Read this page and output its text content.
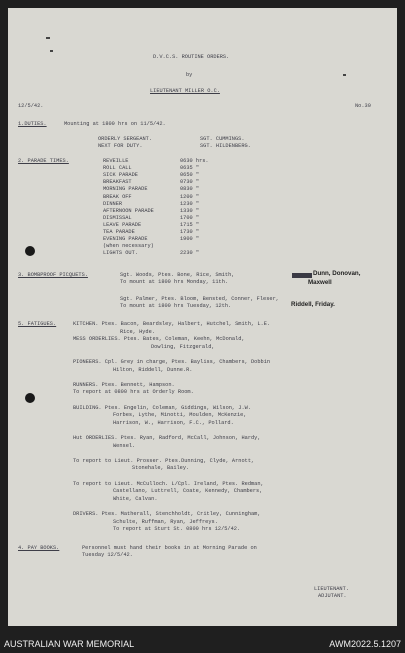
D.V.C.S. ROUTINE ORDERS.
by
LIEUTENANT MILLER O.C.
12/5/42.	No.30
1.DUTIES.	Mounting at 1800 hrs on 11/5/42.
2. PARADE TIMES.
3. BOMBPROOF PICQUETS.	Sgt. Woods, Ptes. Bone, Rice, Smith,	Dunn, Donovan,
To mount at 1800 hrs Monday, 11th.	Maxwell
Sgt. Palmer, Ptes. Bloom, Bensted, Conner, Fleser,
To mount at 1800 hrs Tuesday, 12th.	Riddell, Friday.
5. FATIGUES.
4. PAY BOOKS.	Personnel must hand their books in at Morning Parade on
Tuesday 12/5/42.
LIEUTENANT.
ADJUTANT.
ORDERLY SERGEANT.	SGT. CUMMINGS.
NEXT FOR DUTY.	SGT. HILDENBERG.
REVEILLE	0630 hrs.
ROLL CALL	0635 "
SICK PARADE	0650 "
BREAKFAST	0730 "
MORNING PARADE	0830 "
BREAK OFF	1200 "
DINNER	1230 "
AFTERNOON PARADE	1330 "
DISMISSAL	1700 "
LEAVE PARADE	1715 "
TEA PARADE	1730 "
EVENING PARADE	1900 "
(when necessary)
LIGHTS OUT.	2230 "
KITCHEN. Ptes. Bacon, Beardsley, Halbert, Hutchel, Smith, L.E.
Rice, Hyde.
MESS ORDERLIES. Ptes. Bates, Coleman, Keehn, McDonald,
Dowling, Fitzgerald,
PIONEERS. Cpl. Grey in charge, Ptes. Bayliss, Chambers, Dobbin
Hilton, Riddell, Dunne.R.
RUNNERS. Ptes. Bennett, Hampson.
To report at 0800 hrs at Orderly Room.
BUILDING. Ptes. Engelin, Coleman, Giddings, Wilson, J.W.
Forbes, Lythe, Minotti, Moulden, McKenzie,
Harrison, W., Harrison, F.C., Pollard.
Hut ORDERLIES. Ptes. Ryan, Radford, McCall, Johnson, Hardy,
Wensel.
To report to Lieut. Prosser. Ptes.Dunning, Clyde, Arnott,
Stonehale, Bailey.
To report to Lieut. McCulloch. L/Cpl. Ireland, Ptes. Redman,
Castellano, Luttrell, Coate, Kennedy, Chambers,
White, Calvan.
DRIVERS. Ptes. Matherall, Stenchholdt, Critley, Cunningham,
Schulte, Ruffman, Ryan, Jeffreys.
To report at Sturt St. 0800 hrs 12/5/42.
AUSTRALIAN WAR MEMORIAL	AWM2022.5.1207
